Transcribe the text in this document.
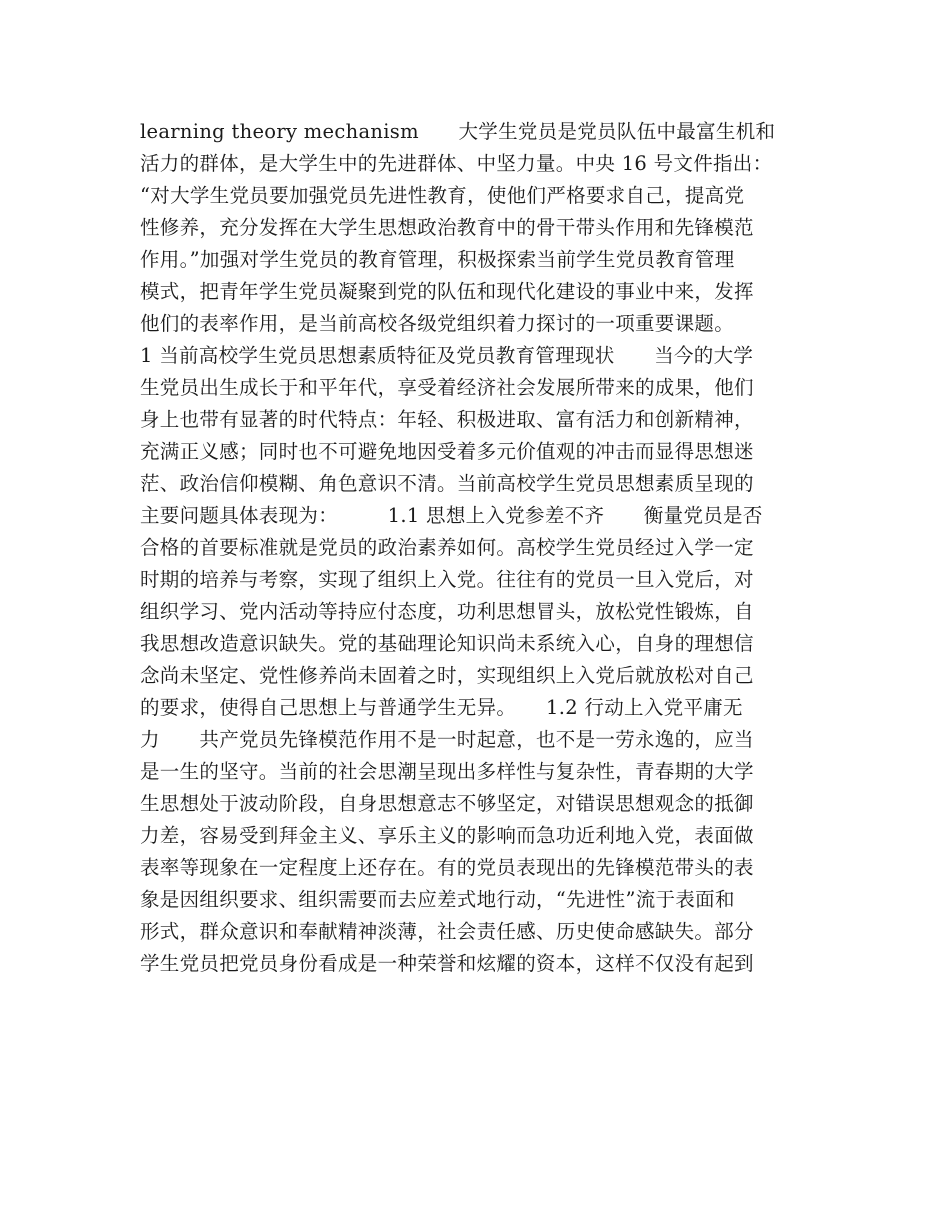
learning theory mechanism　　大学生党员是党员队伍中最富生机和
活力的群体，是大学生中的先进群体、中坚力量。中央 16 号文件指出：
“对大学生党员要加强党员先进性教育，使他们严格要求自己，提高党
性修养，充分发挥在大学生思想政治教育中的骨干带头作用和先锋模范
作用。”加强对学生党员的教育管理，积极探索当前学生党员教育管理
模式，把青年学生党员凝聚到党的队伍和现代化建设的事业中来，发挥
他们的表率作用，是当前高校各级党组织着力探讨的一项重要课题。
1 当前高校学生党员思想素质特征及党员教育管理现状　　当今的大学
生党员出生成长于和平年代，享受着经济社会发展所带来的成果，他们
身上也带有显著的时代特点：年轻、积极进取、富有活力和创新精神，
充满正义感；同时也不可避免地因受着多元价值观的冲击而显得思想迷
茫、政治信仰模糊、角色意识不清。当前高校学生党员思想素质呈现的
主要问题具体表现为：　　　1.1 思想上入党参差不齐　　衡量党员是否
合格的首要标准就是党员的政治素养如何。高校学生党员经过入学一定
时期的培养与考察，实现了组织上入党。往往有的党员一旦入党后，对
组织学习、党内活动等持应付态度，功利思想冒头，放松党性锻炼，自
我思想改造意识缺失。党的基础理论知识尚未系统入心，自身的理想信
念尚未坚定、党性修养尚未固着之时，实现组织上入党后就放松对自己
的要求，使得自己思想上与普通学生无异。　　1.2 行动上入党平庸无
力　　共产党员先锋模范作用不是一时起意，也不是一劳永逸的，应当
是一生的坚守。当前的社会思潮呈现出多样性与复杂性，青春期的大学
生思想处于波动阶段，自身思想意志不够坚定，对错误思想观念的抵御
力差，容易受到拜金主义、享乐主义的影响而急功近利地入党，表面做
表率等现象在一定程度上还存在。有的党员表现出的先锋模范带头的表
象是因组织要求、组织需要而去应差式地行动，“先进性”流于表面和
形式，群众意识和奉献精神淡薄，社会责任感、历史使命感缺失。部分
学生党员把党员身份看成是一种荣誉和炫耀的资本，这样不仅没有起到
